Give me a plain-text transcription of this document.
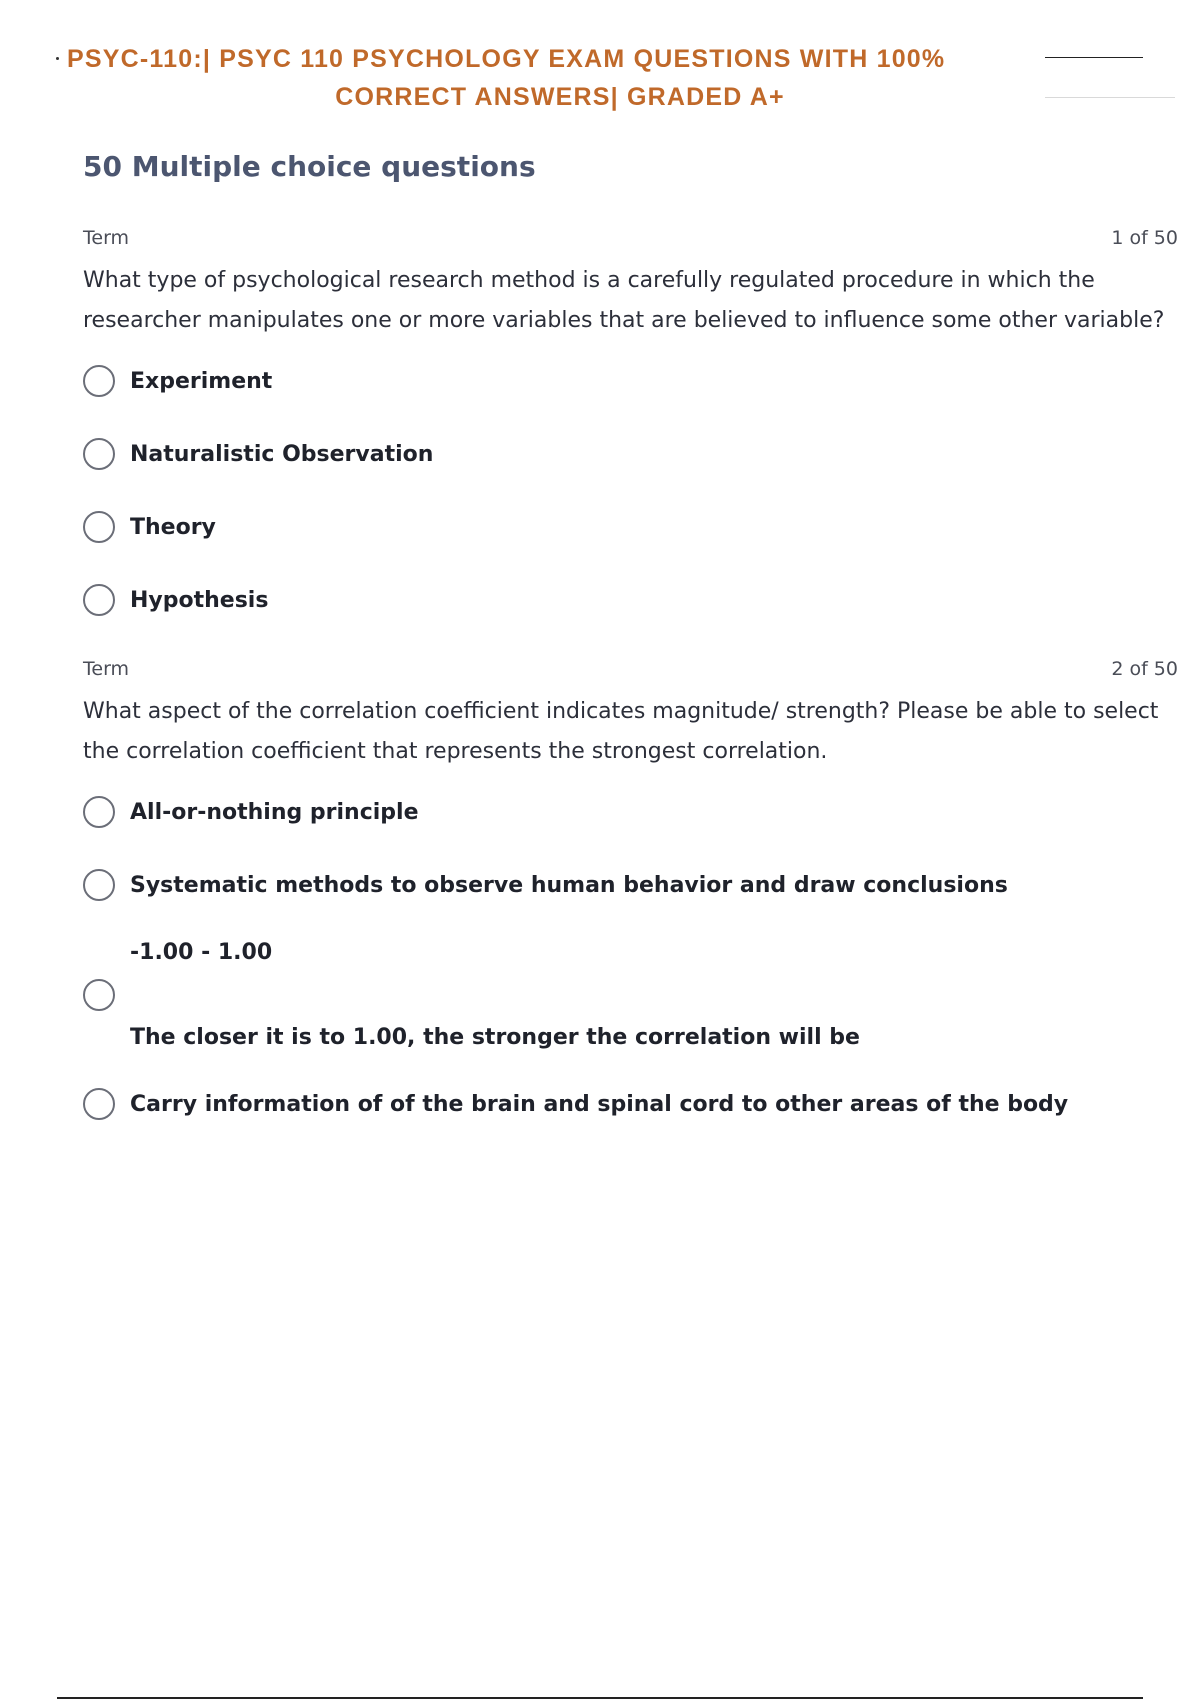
PSYC-110:| PSYC 110 PSYCHOLOGY EXAM QUESTIONS WITH 100%
CORRECT ANSWERS| GRADED A+
50 Multiple choice questions
Term	1 of 50
What type of psychological research method is a carefully regulated procedure in which the researcher manipulates one or more variables that are believed to influence some other variable?
Experiment
Naturalistic Observation
Theory
Hypothesis
Term	2 of 50
What aspect of the correlation coefficient indicates magnitude/ strength? Please be able to select the correlation coefficient that represents the strongest correlation.
All-or-nothing principle
Systematic methods to observe human behavior and draw conclusions
-1.00 - 1.00
The closer it is to 1.00, the stronger the correlation will be
Carry information of of the brain and spinal cord to other areas of the body
